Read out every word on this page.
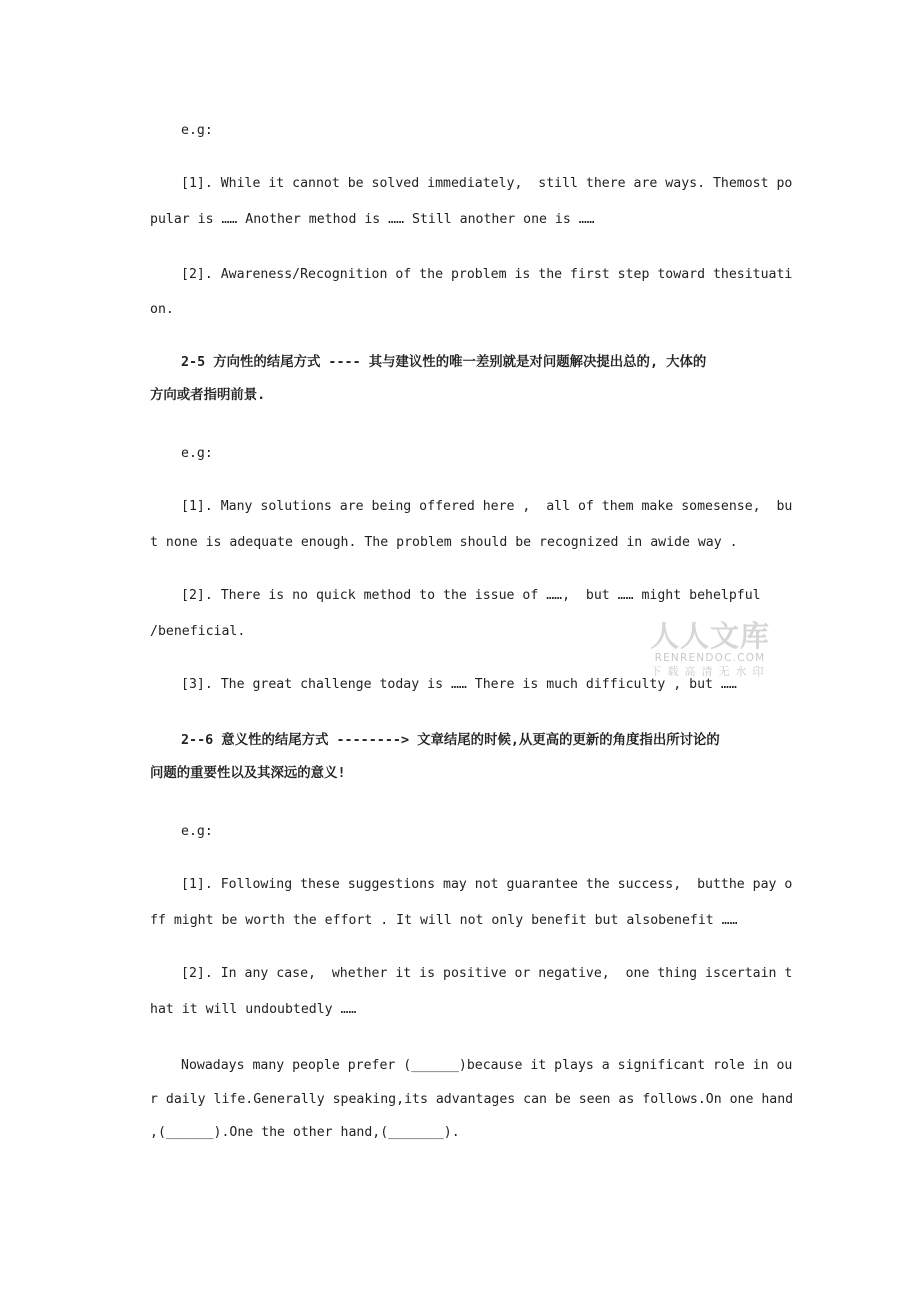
e.g:
[1]. While it cannot be solved immediately,  still there are ways. Themost po
pular is …… Another method is …… Still another one is ……
[2]. Awareness/Recognition of the problem is the first step toward thesituati
on.
2-5 方向性的结尾方式 ---- 其与建议性的唯一差别就是对问题解决提出总的, 大体的
方向或者指明前景.
e.g:
[1]. Many solutions are being offered here ,  all of them make somesense,  bu
t none is adequate enough. The problem should be recognized in awide way .
[2]. There is no quick method to the issue of ……,  but …… might behelpful
/beneficial.
[3]. The great challenge today is …… There is much difficulty , but ……
2--6 意义性的结尾方式 --------> 文章结尾的时候,从更高的更新的角度指出所讨论的
问题的重要性以及其深远的意义!
e.g:
[1]. Following these suggestions may not guarantee the success,  butthe pay o
ff might be worth the effort . It will not only benefit but alsobenefit ……
[2]. In any case,  whether it is positive or negative,  one thing iscertain t
hat it will undoubtedly ……
Nowadays many people prefer (______)because it plays a significant role in ou
r daily life.Generally speaking,its advantages can be seen as follows.On one hand
,(______).One the other hand,(_______).
人人文库
RENRENDOC.COM
下载高清无水印
